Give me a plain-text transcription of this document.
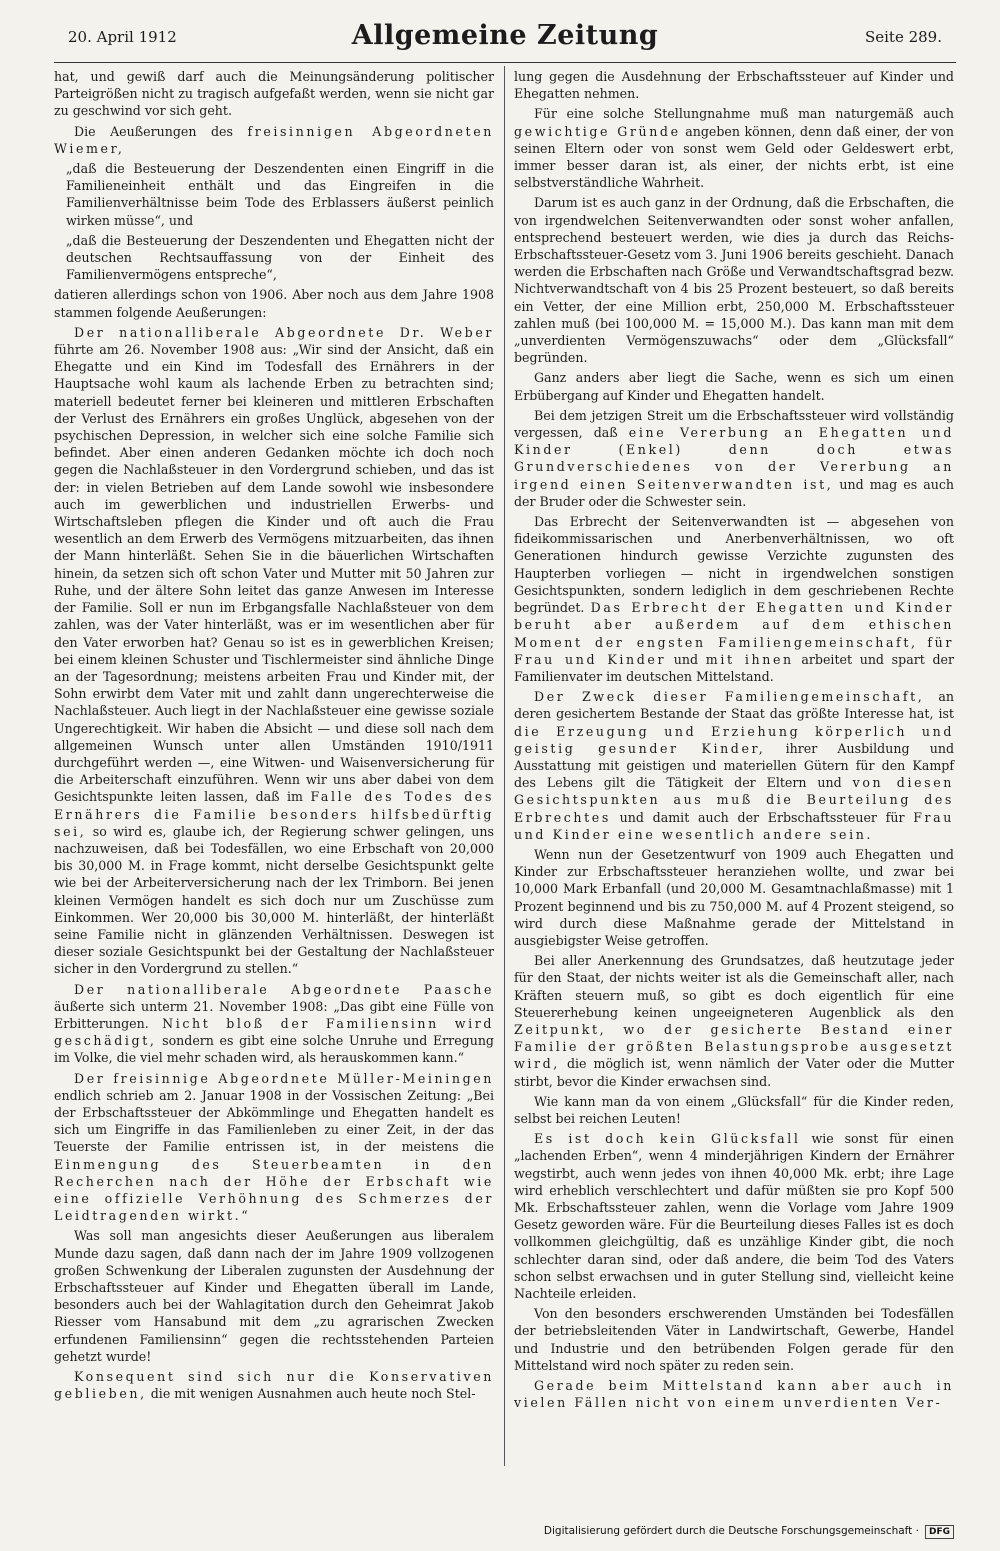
20. April 1912	Allgemeine Zeitung	Seite 289.

hat, und gewiß darf auch die Meinungsänderung politischer Parteigrößen nicht zu tragisch aufgefaßt werden, wenn sie nicht gar zu geschwind vor sich geht.

Die Aeußerungen des freisinnigen Abgeordneten Wiemer,

„daß die Besteuerung der Deszendenten einen Eingriff in die Familieneinheit enthält und das Eingreifen in die Familienverhältnisse beim Tode des Erblassers äußerst peinlich wirken müsse“, und

„daß die Besteuerung der Deszendenten und Ehegatten nicht der deutschen Rechtsauffassung von der Einheit des Familienvermögens entspreche“,

datieren allerdings schon von 1906. Aber noch aus dem Jahre 1908 stammen folgende Aeußerungen:

Der nationalliberale Abgeordnete Dr. Weber führte am 26. November 1908 aus: „Wir sind der Ansicht, daß ein Ehegatte und ein Kind im Todesfall des Ernährers in der Hauptsache wohl kaum als lachende Erben zu betrachten sind; materiell bedeutet ferner bei kleineren und mittleren Erbschaften der Verlust des Ernährers ein großes Unglück, abgesehen von der psychischen Depression, in welcher sich eine solche Familie sich befindet. Aber einen anderen Gedanken möchte ich doch noch gegen die Nachlaßsteuer in den Vordergrund schieben, und das ist der: in vielen Betrieben auf dem Lande sowohl wie insbesondere auch im gewerblichen und industriellen Erwerbs- und Wirtschaftsleben pflegen die Kinder und oft auch die Frau wesentlich an dem Erwerb des Vermögens mitzuarbeiten, das ihnen der Mann hinterläßt. Sehen Sie in die bäuerlichen Wirtschaften hinein, da setzen sich oft schon Vater und Mutter mit 50 Jahren zur Ruhe, und der ältere Sohn leitet das ganze Anwesen im Interesse der Familie. Soll er nun im Erbgangsfalle Nachlaßsteuer von dem zahlen, was der Vater hinterläßt, was er im wesentlichen aber für den Vater erworben hat? Genau so ist es in gewerblichen Kreisen; bei einem kleinen Schuster und Tischlermeister sind ähnliche Dinge an der Tagesordnung; meistens arbeiten Frau und Kinder mit, der Sohn erwirbt dem Vater mit und zahlt dann ungerechterweise die Nachlaßsteuer. Auch liegt in der Nachlaßsteuer eine gewisse soziale Ungerechtigkeit. Wir haben die Absicht — und diese soll nach dem allgemeinen Wunsch unter allen Umständen 1910/1911 durchgeführt werden —, eine Witwen- und Waisenversicherung für die Arbeiterschaft einzuführen. Wenn wir uns aber dabei von dem Gesichtspunkte leiten lassen, daß im Falle des Todes des Ernährers die Familie besonders hilfsbedürftig sei, so wird es, glaube ich, der Regierung schwer gelingen, uns nachzuweisen, daß bei Todesfällen, wo eine Erbschaft von 20,000 bis 30,000 M. in Frage kommt, nicht derselbe Gesichtspunkt gelte wie bei der Arbeiterversicherung nach der lex Trimborn. Bei jenen kleinen Vermögen handelt es sich doch nur um Zuschüsse zum Einkommen. Wer 20,000 bis 30,000 M. hinterläßt, der hinterläßt seine Familie nicht in glänzenden Verhältnissen. Deswegen ist dieser soziale Gesichtspunkt bei der Gestaltung der Nachlaßsteuer sicher in den Vordergrund zu stellen.“

Der nationalliberale Abgeordnete Paasche äußerte sich unterm 21. November 1908: „Das gibt eine Fülle von Erbitterungen. Nicht bloß der Familiensinn wird geschädigt, sondern es gibt eine solche Unruhe und Erregung im Volke, die viel mehr schaden wird, als herauskommen kann.“

Der freisinnige Abgeordnete Müller-Meiningen endlich schrieb am 2. Januar 1908 in der Vossischen Zeitung: „Bei der Erbschaftssteuer der Abkömmlinge und Ehegatten handelt es sich um Eingriffe in das Familienleben zu einer Zeit, in der das Teuerste der Familie entrissen ist, in der meistens die Einmengung des Steuerbeamten in den Recherchen nach der Höhe der Erbschaft wie eine offizielle Verhöhnung des Schmerzes der Leidtragenden wirkt.“

Was soll man angesichts dieser Aeußerungen aus liberalem Munde dazu sagen, daß dann nach der im Jahre 1909 vollzogenen großen Schwenkung der Liberalen zugunsten der Ausdehnung der Erbschaftssteuer auf Kinder und Ehegatten überall im Lande, besonders auch bei der Wahlagitation durch den Geheimrat Jakob Riesser vom Hansabund mit dem „zu agrarischen Zwecken erfundenen Familiensinn“ gegen die rechtsstehenden Parteien gehetzt wurde!

Konsequent sind sich nur die Konservativen geblieben, die mit wenigen Ausnahmen auch heute noch Stel-

lung gegen die Ausdehnung der Erbschaftssteuer auf Kinder und Ehegatten nehmen.

Für eine solche Stellungnahme muß man naturgemäß auch gewichtige Gründe angeben können, denn daß einer, der von seinen Eltern oder von sonst wem Geld oder Geldeswert erbt, immer besser daran ist, als einer, der nichts erbt, ist eine selbstverständliche Wahrheit.

Darum ist es auch ganz in der Ordnung, daß die Erbschaften, die von irgendwelchen Seitenverwandten oder sonst woher anfallen, entsprechend besteuert werden, wie dies ja durch das Reichs-Erbschaftssteuer-Gesetz vom 3. Juni 1906 bereits geschieht. Danach werden die Erbschaften nach Größe und Verwandtschaftsgrad bezw. Nichtverwandtschaft von 4 bis 25 Prozent besteuert, so daß bereits ein Vetter, der eine Million erbt, 250,000 M. Erbschaftssteuer zahlen muß (bei 100,000 M. = 15,000 M.). Das kann man mit dem „unverdienten Vermögenszuwachs“ oder dem „Glücksfall“ begründen.

Ganz anders aber liegt die Sache, wenn es sich um einen Erbübergang auf Kinder und Ehegatten handelt.

Bei dem jetzigen Streit um die Erbschaftssteuer wird vollständig vergessen, daß eine Vererbung an Ehegatten und Kinder (Enkel) denn doch etwas Grundverschiedenes von der Vererbung an irgend einen Seitenverwandten ist, und mag es auch der Bruder oder die Schwester sein.

Das Erbrecht der Seitenverwandten ist — abgesehen von fideikommissarischen und Anerbenverhältnissen, wo oft Generationen hindurch gewisse Verzichte zugunsten des Haupterben vorliegen — nicht in irgendwelchen sonstigen Gesichtspunkten, sondern lediglich in dem geschriebenen Rechte begründet. Das Erbrecht der Ehegatten und Kinder beruht aber außerdem auf dem ethischen Moment der engsten Familiengemeinschaft, für Frau und Kinder und mit ihnen arbeitet und spart der Familienvater im deutschen Mittelstand.

Der Zweck dieser Familiengemeinschaft, an deren gesichertem Bestande der Staat das größte Interesse hat, ist die Erzeugung und Erziehung körperlich und geistig gesunder Kinder, ihrer Ausbildung und Ausstattung mit geistigen und materiellen Gütern für den Kampf des Lebens gilt die Tätigkeit der Eltern und von diesen Gesichtspunkten aus muß die Beurteilung des Erbrechtes und damit auch der Erbschaftssteuer für Frau und Kinder eine wesentlich andere sein.

Wenn nun der Gesetzentwurf von 1909 auch Ehegatten und Kinder zur Erbschaftssteuer heranziehen wollte, und zwar bei 10,000 Mark Erbanfall (und 20,000 M. Gesamtnachlaßmasse) mit 1 Prozent beginnend und bis zu 750,000 M. auf 4 Prozent steigend, so wird durch diese Maßnahme gerade der Mittelstand in ausgiebigster Weise getroffen.

Bei aller Anerkennung des Grundsatzes, daß heutzutage jeder für den Staat, der nichts weiter ist als die Gemeinschaft aller, nach Kräften steuern muß, so gibt es doch eigentlich für eine Steuererhebung keinen ungeeigneteren Augenblick als den Zeitpunkt, wo der gesicherte Bestand einer Familie der größten Belastungsprobe ausgesetzt wird, die möglich ist, wenn nämlich der Vater oder die Mutter stirbt, bevor die Kinder erwachsen sind.

Wie kann man da von einem „Glücksfall“ für die Kinder reden, selbst bei reichen Leuten!

Es ist doch kein Glücksfall wie sonst für einen „lachenden Erben“, wenn 4 minderjährigen Kindern der Ernährer wegstirbt, auch wenn jedes von ihnen 40,000 Mk. erbt; ihre Lage wird erheblich verschlechtert und dafür müßten sie pro Kopf 500 Mk. Erbschaftssteuer zahlen, wenn die Vorlage vom Jahre 1909 Gesetz geworden wäre. Für die Beurteilung dieses Falles ist es doch vollkommen gleichgültig, daß es unzählige Kinder gibt, die noch schlechter daran sind, oder daß andere, die beim Tod des Vaters schon selbst erwachsen und in guter Stellung sind, vielleicht keine Nachteile erleiden.

Von den besonders erschwerenden Umständen bei Todesfällen der betriebsleitenden Väter in Landwirtschaft, Gewerbe, Handel und Industrie und den betrübenden Folgen gerade für den Mittelstand wird noch später zu reden sein.

Gerade beim Mittelstand kann aber auch in vielen Fällen nicht von einem unverdienten Ver-

Digitalisierung gefördert durch die Deutsche Forschungsgemeinschaft · DFG
